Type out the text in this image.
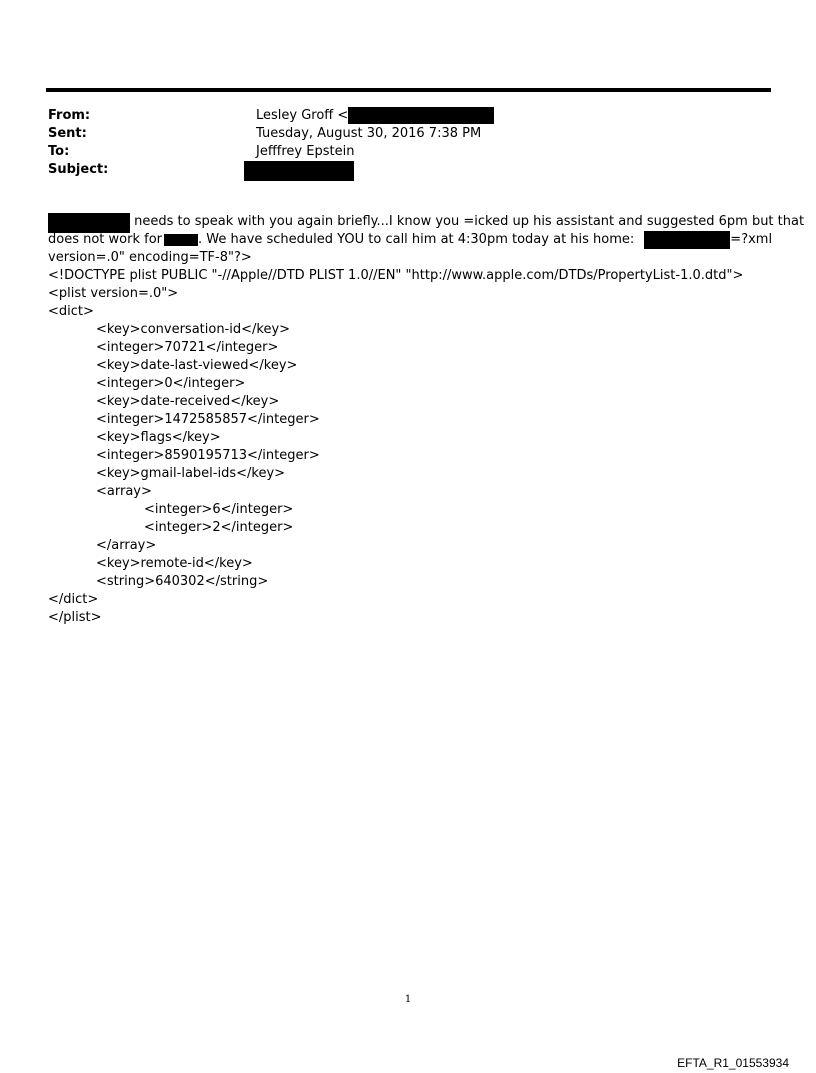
From:	Lesley Groff <
Sent:	Tuesday, August 30, 2016 7:38 PM
To:	Jefffrey Epstein
Subject:
needs to speak with you again briefly...I know you =icked up his assistant and suggested 6pm but that
does not work for	. We have scheduled YOU to call him at 4:30pm today at his home:	=?xml
version=.0" encoding=TF-8"?>
<!DOCTYPE plist PUBLIC "-//Apple//DTD PLIST 1.0//EN" "http://www.apple.com/DTDs/PropertyList-1.0.dtd">
<plist version=.0">
<dict>
<key>conversation-id</key>
<integer>70721</integer>
<key>date-last-viewed</key>
<integer>0</integer>
<key>date-received</key>
<integer>1472585857</integer>
<key>flags</key>
<integer>8590195713</integer>
<key>gmail-label-ids</key>
<array>
<integer>6</integer>
<integer>2</integer>
</array>
<key>remote-id</key>
<string>640302</string>
</dict>
</plist>
1
EFTA_R1_01553934
